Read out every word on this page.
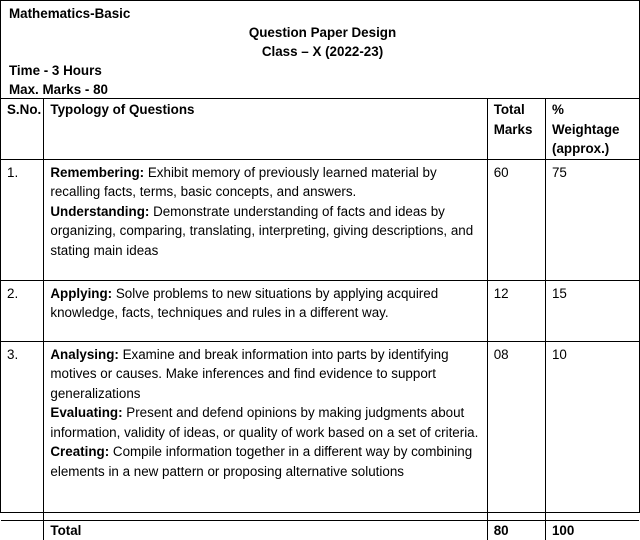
Mathematics-Basic
Question Paper Design
Class – X (2022-23)
Time - 3 Hours
Max. Marks - 80
S.No.	Typology of Questions	Total Marks	% Weightage (approx.)
1.	Remembering: Exhibit memory of previously learned material by recalling facts, terms, basic concepts, and answers.
Understanding: Demonstrate understanding of facts and ideas by organizing, comparing, translating, interpreting, giving descriptions, and stating main ideas	60	75
2.	Applying: Solve problems to new situations by applying acquired knowledge, facts, techniques and rules in a different way.	12	15
3.	Analysing: Examine and break information into parts by identifying motives or causes. Make inferences and find evidence to support generalizations
Evaluating: Present and defend opinions by making judgments about information, validity of ideas, or quality of work based on a set of criteria.
Creating: Compile information together in a different way by combining elements in a new pattern or proposing alternative solutions	08	10
	Total	80	100
